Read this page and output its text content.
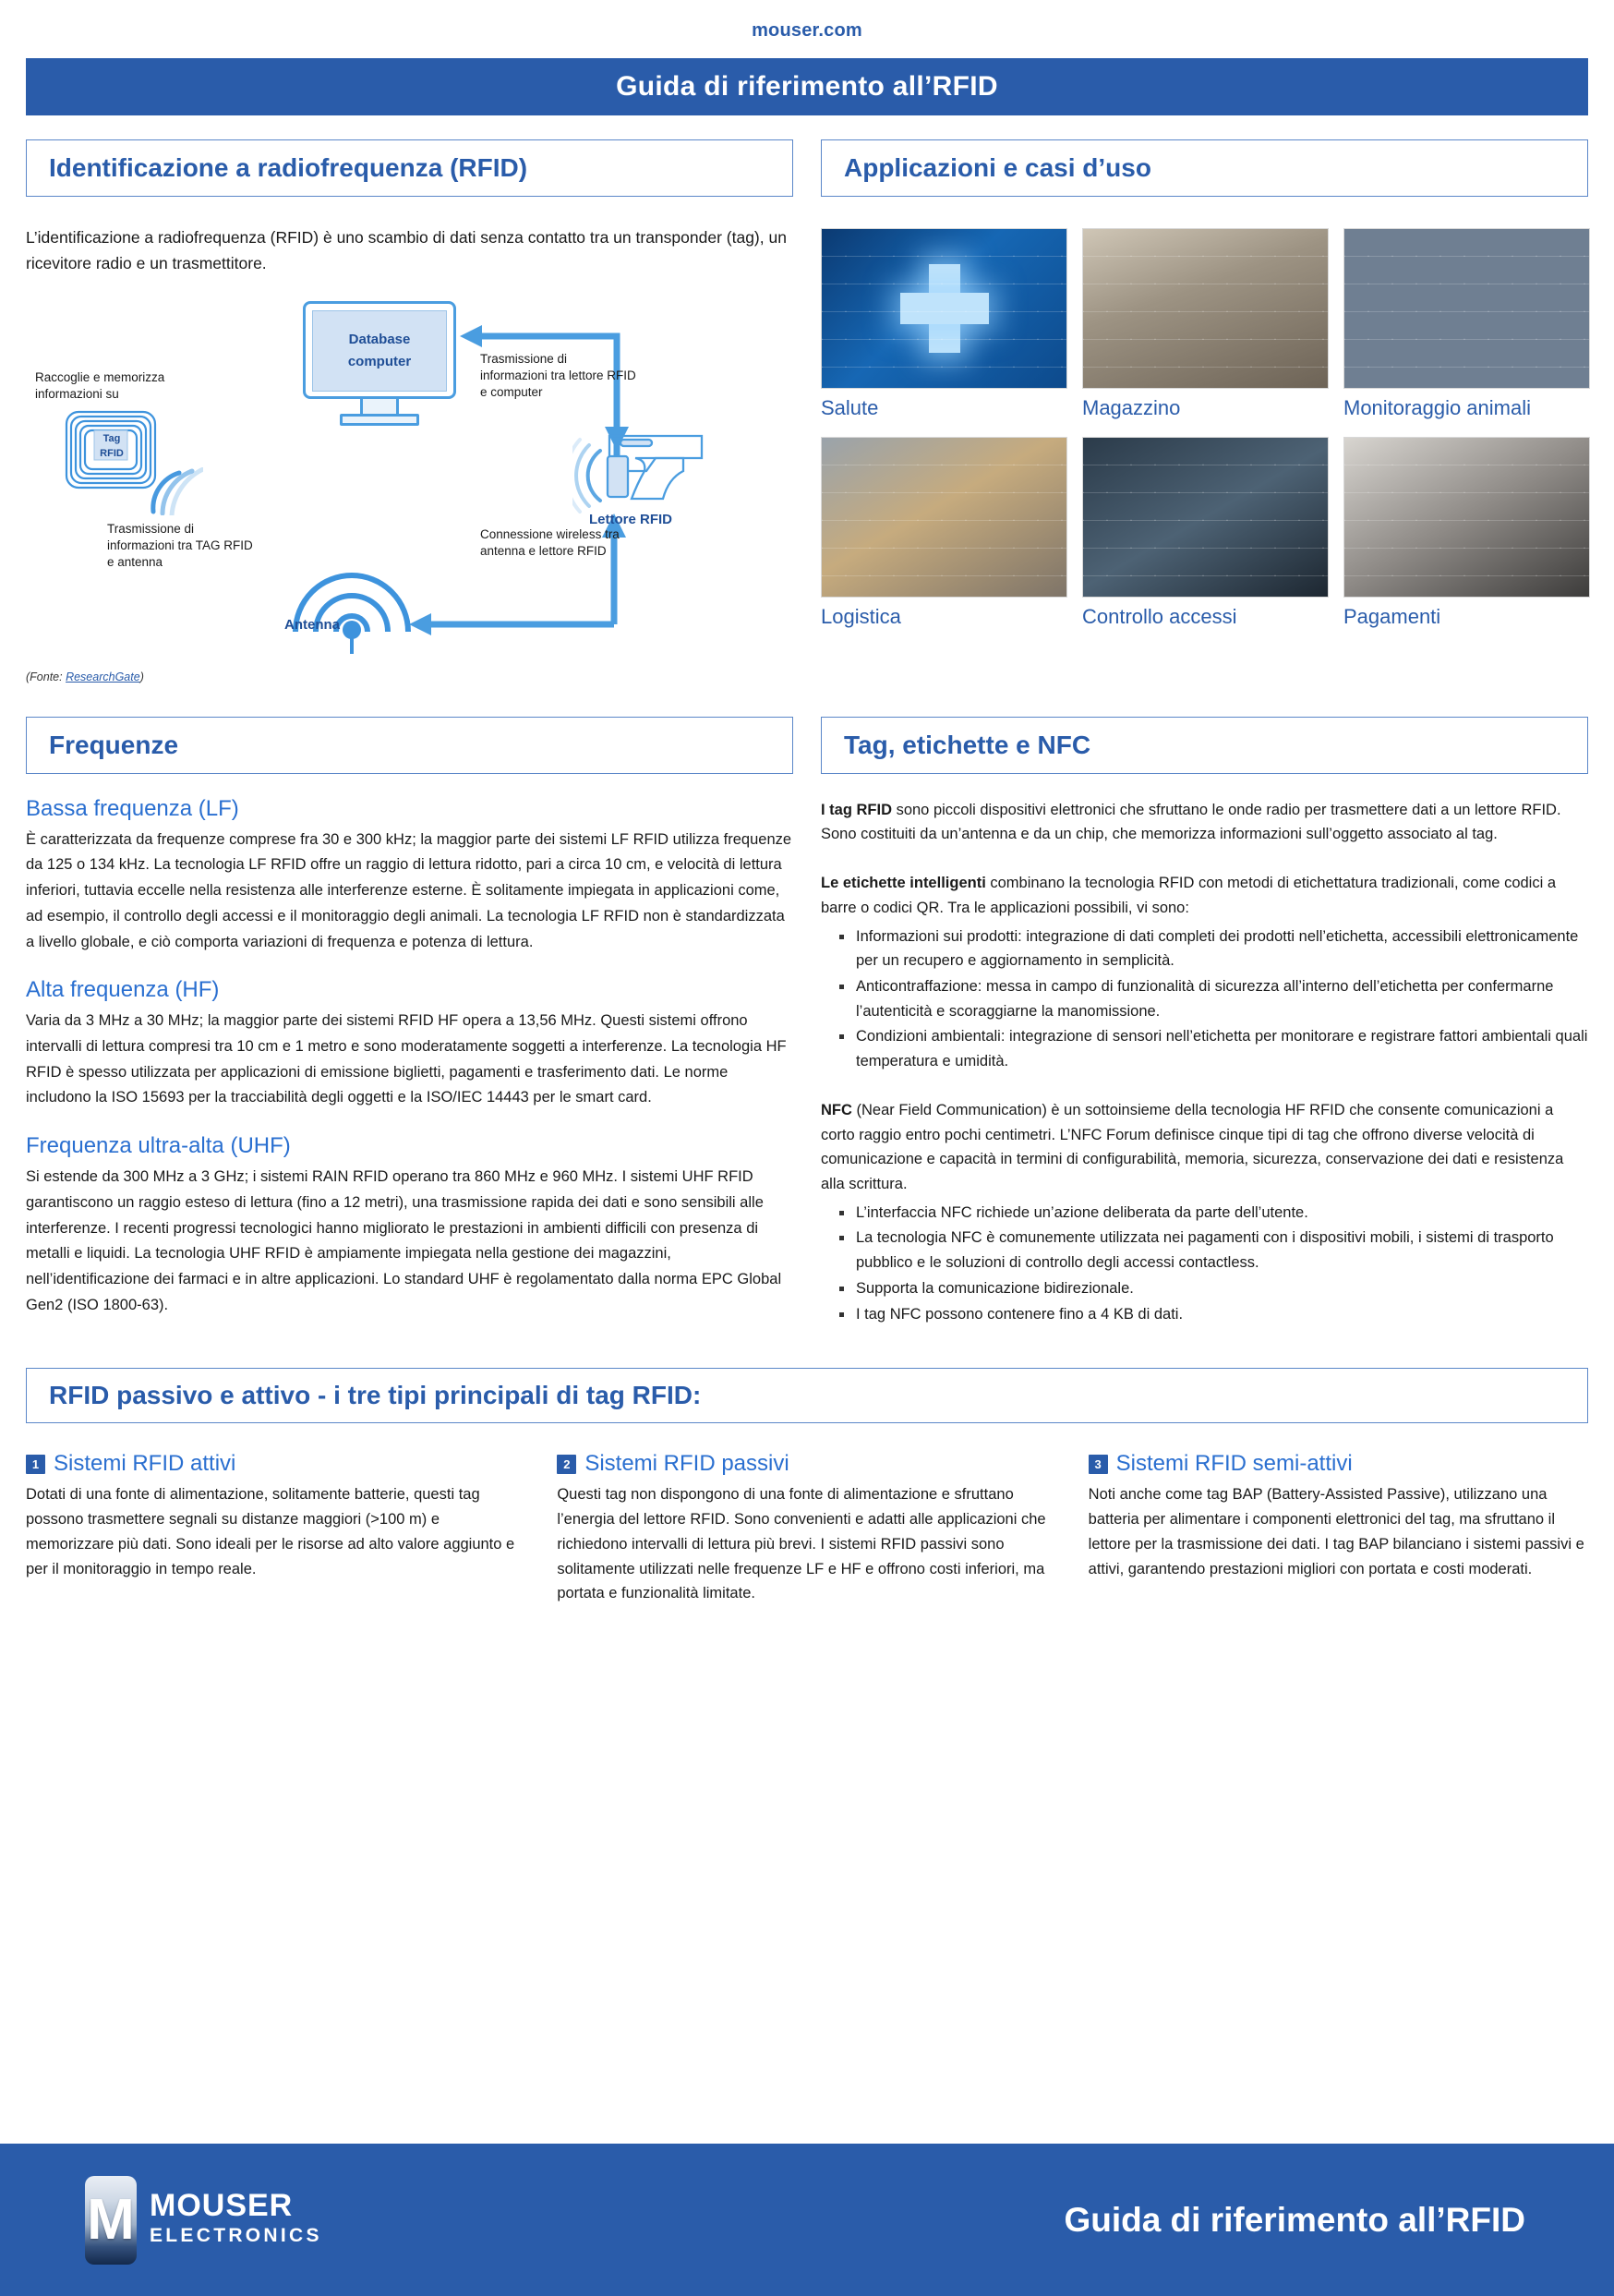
mouser.com
Guida di riferimento all’RFID
Identificazione a radiofrequenza (RFID)
L’identificazione a radiofrequenza (RFID) è uno scambio di dati senza contatto tra un transponder (tag), un ricevitore radio e un trasmettitore.
Database
computer
Tag
RFID
Lettore RFID
Antenna
Raccoglie e memorizza informazioni su
Trasmissione di informazioni tra TAG RFID e antenna
Trasmissione di informazioni tra lettore RFID e computer
Connessione wireless tra antenna e lettore RFID
(Fonte: ResearchGate)
Applicazioni e casi d’uso
Salute	Magazzino	Monitoraggio animali
Logistica	Controllo accessi	Pagamenti
Frequenze
Bassa frequenza (LF)
È caratterizzata da frequenze comprese fra 30 e 300 kHz; la maggior parte dei sistemi LF RFID utilizza frequenze da 125 o 134 kHz. La tecnologia LF RFID offre un raggio di lettura ridotto, pari a circa 10 cm, e velocità di lettura inferiori, tuttavia eccelle nella resistenza alle interferenze esterne. È solitamente impiegata in applicazioni come, ad esempio, il controllo degli accessi e il monitoraggio degli animali. La tecnologia LF RFID non è standardizzata a livello globale, e ciò comporta variazioni di frequenza e potenza di lettura.
Alta frequenza (HF)
Varia da 3 MHz a 30 MHz; la maggior parte dei sistemi RFID HF opera a 13,56 MHz. Questi sistemi offrono intervalli di lettura compresi tra 10 cm e 1 metro e sono moderatamente soggetti a interferenze. La tecnologia HF RFID è spesso utilizzata per applicazioni di emissione biglietti, pagamenti e trasferimento dati. Le norme includono la ISO 15693 per la tracciabilità degli oggetti e la ISO/IEC 14443 per le smart card.
Frequenza ultra-alta (UHF)
Si estende da 300 MHz a 3 GHz; i sistemi RAIN RFID operano tra 860 MHz e 960 MHz. I sistemi UHF RFID garantiscono un raggio esteso di lettura (fino a 12 metri), una trasmissione rapida dei dati e sono sensibili alle interferenze. I recenti progressi tecnologici hanno migliorato le prestazioni in ambienti difficili con presenza di metalli e liquidi. La tecnologia UHF RFID è ampiamente impiegata nella gestione dei magazzini, nell’identificazione dei farmaci e in altre applicazioni. Lo standard UHF è regolamentato dalla norma EPC Global Gen2 (ISO 1800-63).
Tag, etichette e NFC
I tag RFID sono piccoli dispositivi elettronici che sfruttano le onde radio per trasmettere dati a un lettore RFID. Sono costituiti da un’antenna e da un chip, che memorizza informazioni sull’oggetto associato al tag.
Le etichette intelligenti combinano la tecnologia RFID con metodi di etichettatura tradizionali, come codici a barre o codici QR. Tra le applicazioni possibili, vi sono:
Informazioni sui prodotti: integrazione di dati completi dei prodotti nell’etichetta, accessibili elettronicamente per un recupero e aggiornamento in semplicità.
Anticontraffazione: messa in campo di funzionalità di sicurezza all’interno dell’etichetta per confermarne l’autenticità e scoraggiarne la manomissione.
Condizioni ambientali: integrazione di sensori nell’etichetta per monitorare e registrare fattori ambientali quali temperatura e umidità.
NFC (Near Field Communication) è un sottoinsieme della tecnologia HF RFID che consente comunicazioni a corto raggio entro pochi centimetri. L’NFC Forum definisce cinque tipi di tag che offrono diverse velocità di comunicazione e capacità in termini di configurabilità, memoria, sicurezza, conservazione dei dati e resistenza alla scrittura.
L’interfaccia NFC richiede un’azione deliberata da parte dell’utente.
La tecnologia NFC è comunemente utilizzata nei pagamenti con i dispositivi mobili, i sistemi di trasporto pubblico e le soluzioni di controllo degli accessi contactless.
Supporta la comunicazione bidirezionale.
I tag NFC possono contenere fino a 4 KB di dati.
RFID passivo e attivo - i tre tipi principali di tag RFID:
1 Sistemi RFID attivi

Dotati di una fonte di alimentazione, solitamente batterie, questi tag possono trasmettere segnali su distanze maggiori (>100 m) e memorizzare più dati. Sono ideali per le risorse ad alto valore aggiunto e per il monitoraggio in tempo reale.

2 Sistemi RFID passivi

Questi tag non dispongono di una fonte di alimentazione e sfruttano l’energia del lettore RFID. Sono convenienti e adatti alle applicazioni che richiedono intervalli di lettura più brevi. I sistemi RFID passivi sono solitamente utilizzati nelle frequenze LF e HF e offrono costi inferiori, ma portata e funzionalità limitate.

3 Sistemi RFID semi-attivi

Noti anche come tag BAP (Battery-Assisted Passive), utilizzano una batteria per alimentare i componenti elettronici del tag, ma sfruttano il lettore per la trasmissione dei dati. I tag BAP bilanciano i sistemi passivi e attivi, garantendo prestazioni migliori con portata e costi moderati.

M MOUSER
ELECTRONICS	Guida di riferimento all’RFID
